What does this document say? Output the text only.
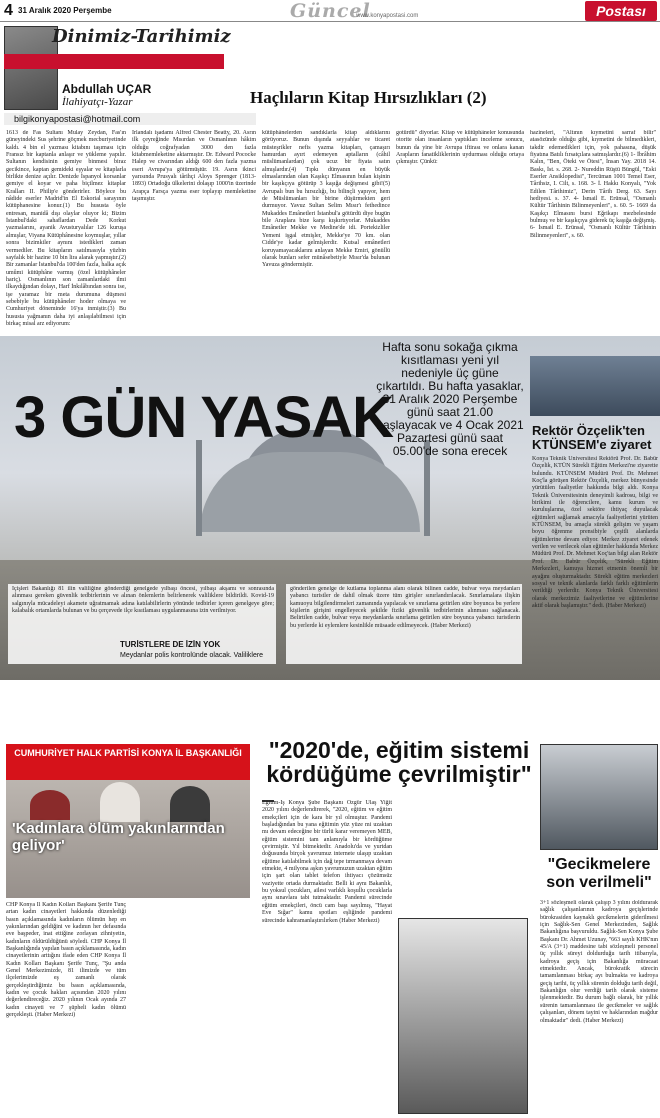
4 31 Aralık 2020 Perşembe	Güncel
www.konyapostasi.com	Postası
Dinimiz-Tarihimiz
Abdullah UÇAR
İlahiyatçı-Yazar
bilgikonyapostasi@hotmail.com
Haçlıların Kitap Hırsızlıkları (2)
1613 de Fas Sultanı Mulay Zeydan, Fas'ın güneyindeki Sus şehrine göçmek mecburiyetinde kaldı. 4 bin el yazması kitabını taşıması için Fransız bir kaptanla anlaşır ve yükleme yapılır. Sultanın kendisinin gemiye binmesi biraz gecikince, kaptan gemideki eşyalar ve kitaplarla birlikte denize açılır. Denizde İspanyol korsanlar gemiye el koyar ve paha biçilmez kitaplar Kralları II. Philip'e gönderirler. Böylece bu nâdide eserler Madrid'in El Eskorial sarayının kütüphanesine konur.(1) Bu hususta öyle entresan, manidâ dışı olaylar oluyor ki; Bizim İstanbul'daki sahaflardan Dede Korkut yazmalarını, ayanik Avusturyalılar 126 kuruşa almışlar, Viyana Kütüphânesine koymuşlar, yıllar sonra bizimkiler aynını istedikleri zaman vermediler. Bu kitapların satılmasıyla yüzbin sayfalık bir hazine 10 bin lira alarak yapmıştır.(2) Bir zamanlar İstanbul'da 100'den fazla, halka açık umûmi kütüphâne varmış (özel kütüphâneler hariç). Osmanlının son zamanlardaki ilmi ilkaydığından dolayı, Harf İnkılâbından sonra ise, işe yaramaz bir meta durumuna düşmesi sebebiyle bu kütüphâneler hoder olmaya ve Cumhuriyet döneminde 16'ya inmiştir.(3) Bu hususta yağmanın daha iyi anlaşılabilmesi için birkaç misal arz ediyorum:
İrlandalı işadamı Alfred Chester Beatty, 20. Asrın ilk çeyreğinde Mısırdan ve Osmanlının hâkim olduğu coğrafyadan 3000 den fazla kitabmemleketine aktarmıştır. Dr. Edward Pococke Halep ve civarından aldığı 600 den fazla yazma eseri Avrupa'ya götürmüştür. 19. Asrın ikinci yarısında Prusyalı târihçi Aloys Sprenger (1813-1893) Ortadoğu ülkelerini dolaşıp 1000'in üzerinde Arapça Farsça yazma eser toplayıp memleketine taşımıştır.
kütüphânelerden sandıklarla kitap aldıklarını görüyoruz. Bunun dışında seyyahlar ve ticaret müsteşrikler nefis yazma kitapları, çamaşırı hamurdan ayırt edemeyen aptalların (câhil müslümanlardan) çok ucuz bir fiyata satın almışlardır.(4) Tıpkı dünyanın en büyük elmaslarından olan Kaşıkçı Elmasının bulan kişinin bir kaşıkçıya götürüp 3 kaşığa değişmesi gibi!(5) Avrupalı bun bu hırsızlığı, bu bilinçli yapıyor, hem de Müslümanları bir birine düşürmekten geri durmuyor. Yavuz Sultan Selim Mısır'ı fethedince Mukaddes Emânetleri İstanbul'a götürdü diye bugün bile Araplara bize karşı kışkırtıyorlar. Mukaddes Emânetler Mekke ve Medine'de idi. Portekizliler Yemeni işgal etmişler, Mekke'ye 70 km. olan Cidde'ye kadar gelmişlerdir. Kutsal emânetleri koruyamayacaklarını anlayan Mekke Emiri, gönüllü olarak bunları sefer münâsebetiyle Mısır'da bulunan Yavuza göndermiştir.
gotürdü" diyorlar. Kitap ve kütüphâneler konusunda otorite olan insanların yaptıkları inceleme sonucu, bunun da yine bir Avrupa iftirası ve onlara kanan Arapların fanatikliklerinin uydurması olduğu ortaya çıkmıştır. Çünkü:
hazineleri, "Altının kıymetini sarraf bilir" atasözünde olduğu gibi, kıymetini de bilmedikleri, takdir edemedikleri için, yok pahasına, düşük fiyatına Batılı fırsatçılara satmışlardır.(6) 1- İbrâhim Kalın, "Ben, Öteki ve Ötesi", İnsan Yay. 2018 14. Baskı, İst. s. 268. 2- Nureddin Rüştü Büngül, "Eski Eserler Ansiklopedisi", Tercüman 1001 Temel Eser, Târihsiz, I. Cilt, s. 168. 3- İ. Hakkı Konyalı, "Yok Edilen Târihimiz", Derin Târih Derg. 63. Sayı hediyesi. s. 37. 4- İsmail E. Erünsal, "Osmanlı Kültür Târihinin Bilinmeyenleri", s. 60. 5- 1669 da Kaşıkçı Elmasını bursi Eğrikapı mezbelesinde bulmuş ve bir kaşıkçıya giderek üç kaşığa değişmiş. 6- İsmail E. Erünsal, "Osmanlı Kültür Târihinin Bilinmeyenleri", s. 60.
3 GÜN YASAK
Hafta sonu sokağa çıkma kısıtlaması yeni yıl nedeniyle üç güne çıkartıldı. Bu hafta yasaklar, 31 Aralık 2020 Perşembe günü saat 21.00 başlayacak ve 4 Ocak 2021 Pazartesi günü saat 05.00'de sona erecek
İçişleri Bakanlığı 81 ilin valiliğine gönderdiği genelgede yılbaşı öncesi, yılbaşı akşamı ve sonrasında alınması gereken güvenlik tedbirlerinin ve alınan önlemlerin belirlenerek valiliklere bildirildi. Kovid-19 salgınıyla mücadeleyi akamete uğratmamak adına katılabilirlerin yönünde tedbirler içeren genelgeye göre; kalabalık ortamlarda bulunan ve bu çerçevede ilçe kısıtlaması uygulanmasına izin verilmiyor.
TURİSTLERE DE İZİN YOK
Meydanlar polis kontrolünde olacak. Valiliklere
gönderilen genelge de kutlama toplanma alanı olarak bilinen cadde, bulvar veya meydanları yabancı turistler de dahil olmak üzere tüm girişler sınırlandırılacak. Sınırlamalara ilişkin kamuoyu bilgilendirmeleri zamanında yapılacak ve sınırlama getirilen süre boyunca bu yerlere kişilerin girişini engelleyecek şekilde fiziki güvenlik tedbirlerinin alınması sağlanacak. Belirtilen cadde, bulvar veya meydanlarda sınırlama getirilen süre boyunca yabancı turistlerin bu yerlerde ki eylemlere kesinlikle müsaade edilmeyecek. (Haber Merkezi)
Rektör Özçelik'ten
KTÜNSEM'e ziyaret
Konya Teknik Üniversitesi Rektörü Prof. Dr. Babür Özçelik, KTÜN Sürekli Eğitim Merkezi'ne ziyarette bulundu. KTÜNSEM Müdürü Prof. Dr. Mehmet Koç'la görüşen Rektör Özçelik, merkez bünyesinde yürütülen faaliyetler hakkında bilgi aldı. Konya Teknik Üniversitesinin deneyimli kadrosu, bilgi ve birikimi ile öğrencilere, kamu kurum ve kuruluşlarına, özel sektöre ihtiyaç duyulacak eğitimleri sağlamak amacıyla faaliyetlerini yürüten KTÜNSEM, bu amaçla sürekli gelişim ve yaşam boyu öğrenme prensibiyle çeşitli alanlarda eğitimlerine devam ediyor. Merkez ziyaret edenek verilen ve verilecek olan eğitimler hakkında Merkez Müdürü Prof. Dr. Mehmet Koç'tan bilgi alan Rektör Prof. Dr. Babür Özçelik, "Sürekli Eğitim Merkezleri, kamuya hizmet etmenin önemli bir ayağını oluşturmaktadır. Sürekli eğitim merkezleri sosyal ve teknik alanlarda farklı farklı eğitimlerin verildiği yerlerdir. Konya Teknik Üniversitesi olarak merkezimiz faaliyetlerine ve eğitimlerine aktif olarak başlamıştır." dedi. (Haber Merkezi)
CUMHURİYET HALK PARTİSİ KONYA İL BAŞKANLIĞI
'Kadınlara ölüm yakınlarından geliyor'
CHP Konya İl Kadın Kolları Başkanı Şerife Tunç artan kadın cinayetleri hakkında düzenlediği basın açıklamasında kadınların ölümün hep en yakınlarından geldiğini ve kadının her defasında eve başpeder, inat ettiğine zorlayan zihniyetin, kadınların öldürüldüğünü söyledi. CHP Konya İl Başkanlığında yapılan basın açıklamasında, kadın cinayetlerinin arttığını ifade eden CHP Konya İl Kadın Kolları Başkanı Şerife Tunç, "Şu anda Genel Merkezimizde, 81 ilimizde ve tüm ilçelerimizde eş zamanlı olarak gerçekleştirdiğimiz bu basın açıklamasında, kadın ve çocuk hakları açısından 2020 yılını değerlendireceğiz. 2020 yılının Ocak ayında 27 kadın cinayeti ve 7 şüpheli kadın ölümü gerçekleşti. (Haber Merkezi)
"2020'de, eğitim sistemi kördüğüme çevrilmiştir"
Eğitim-İş Konya Şube Başkanı Özgür Ulaş Yiğit 2020 yılını değerlendirerek, "2020, eğitim ve eğitim emekçileri için de kara bir yıl olmuştur. Pandemi başladığından bu yana eğitimin yüz yüze mi uzaktan mı devam edeceğine bir türlü karar veremeyen MEB, eğitim sistemini tam anlamıyla bir kördüğüme çevirmiştir. Yıl bitmektedir. Anadolu'da ve yurtdan doğusunda birçok yavrumuz internete ulaşıp uzaktan eğitime katılabilmek için dağ tepe tırmanmaya devam etmekte, 4 milyona aşkın yavrumuzun uzaktan eğitim için şart olan tablet telefon ihtiyacı çözümsüz vaziyette ortada durmaktadır. Belli ki aynı Bakanlık, bu yoksul çocukları, ailesi varlıklı koşullu çocuklarla aynı sınavlara tabi tutmaktadır. Pandemi sürecinde eğitim emekçileri, öncü cam başı sayılmış, "Hayat Eve Sığar" kamu spotları eşliğinde pandemi sürecinde kahramanlaştırılırken (Haber Merkezi)
"Gecikmelere son verilmeli"
3+1 sözleşmeli olarak çalışıp 3 yılını doldurarak sağlık çalışanlarının kadroya geçişlerinde bürokrasiden kaynaklı gecikmelerin giderilmesi için Sağlık-Sen Genel Merkezinden, Sağlık Bakanlığına başvuruldu. Sağlık-Sen Konya Şube Başkanı Dr. Ahmet Uzunay, "663 sayılı KHK'nın 45/A (3+1) maddesine tabi sözleşmeli personel üç yıllık süreyi doldurduğu tarih itibarıyla, kadroya geçiş için Bakanlığa müracaat etmektedir. Ancak, bürokratik sürecin tamamlanması birkaç ayı bulmakta ve kadroya geçiş tarihi, üç yıllık sürenin dolduğu tarih değil, Bakanlığın olur verdiği tarih olarak sisteme işlenmektedir. Bu durum bağlı olarak, bir yıllık sürenin tamamlanması ile gecikmeler ve sağlık çalışanları, dönem tayini ve haklarından mağdur olmaktadır" dedi. (Haber Merkezi)
